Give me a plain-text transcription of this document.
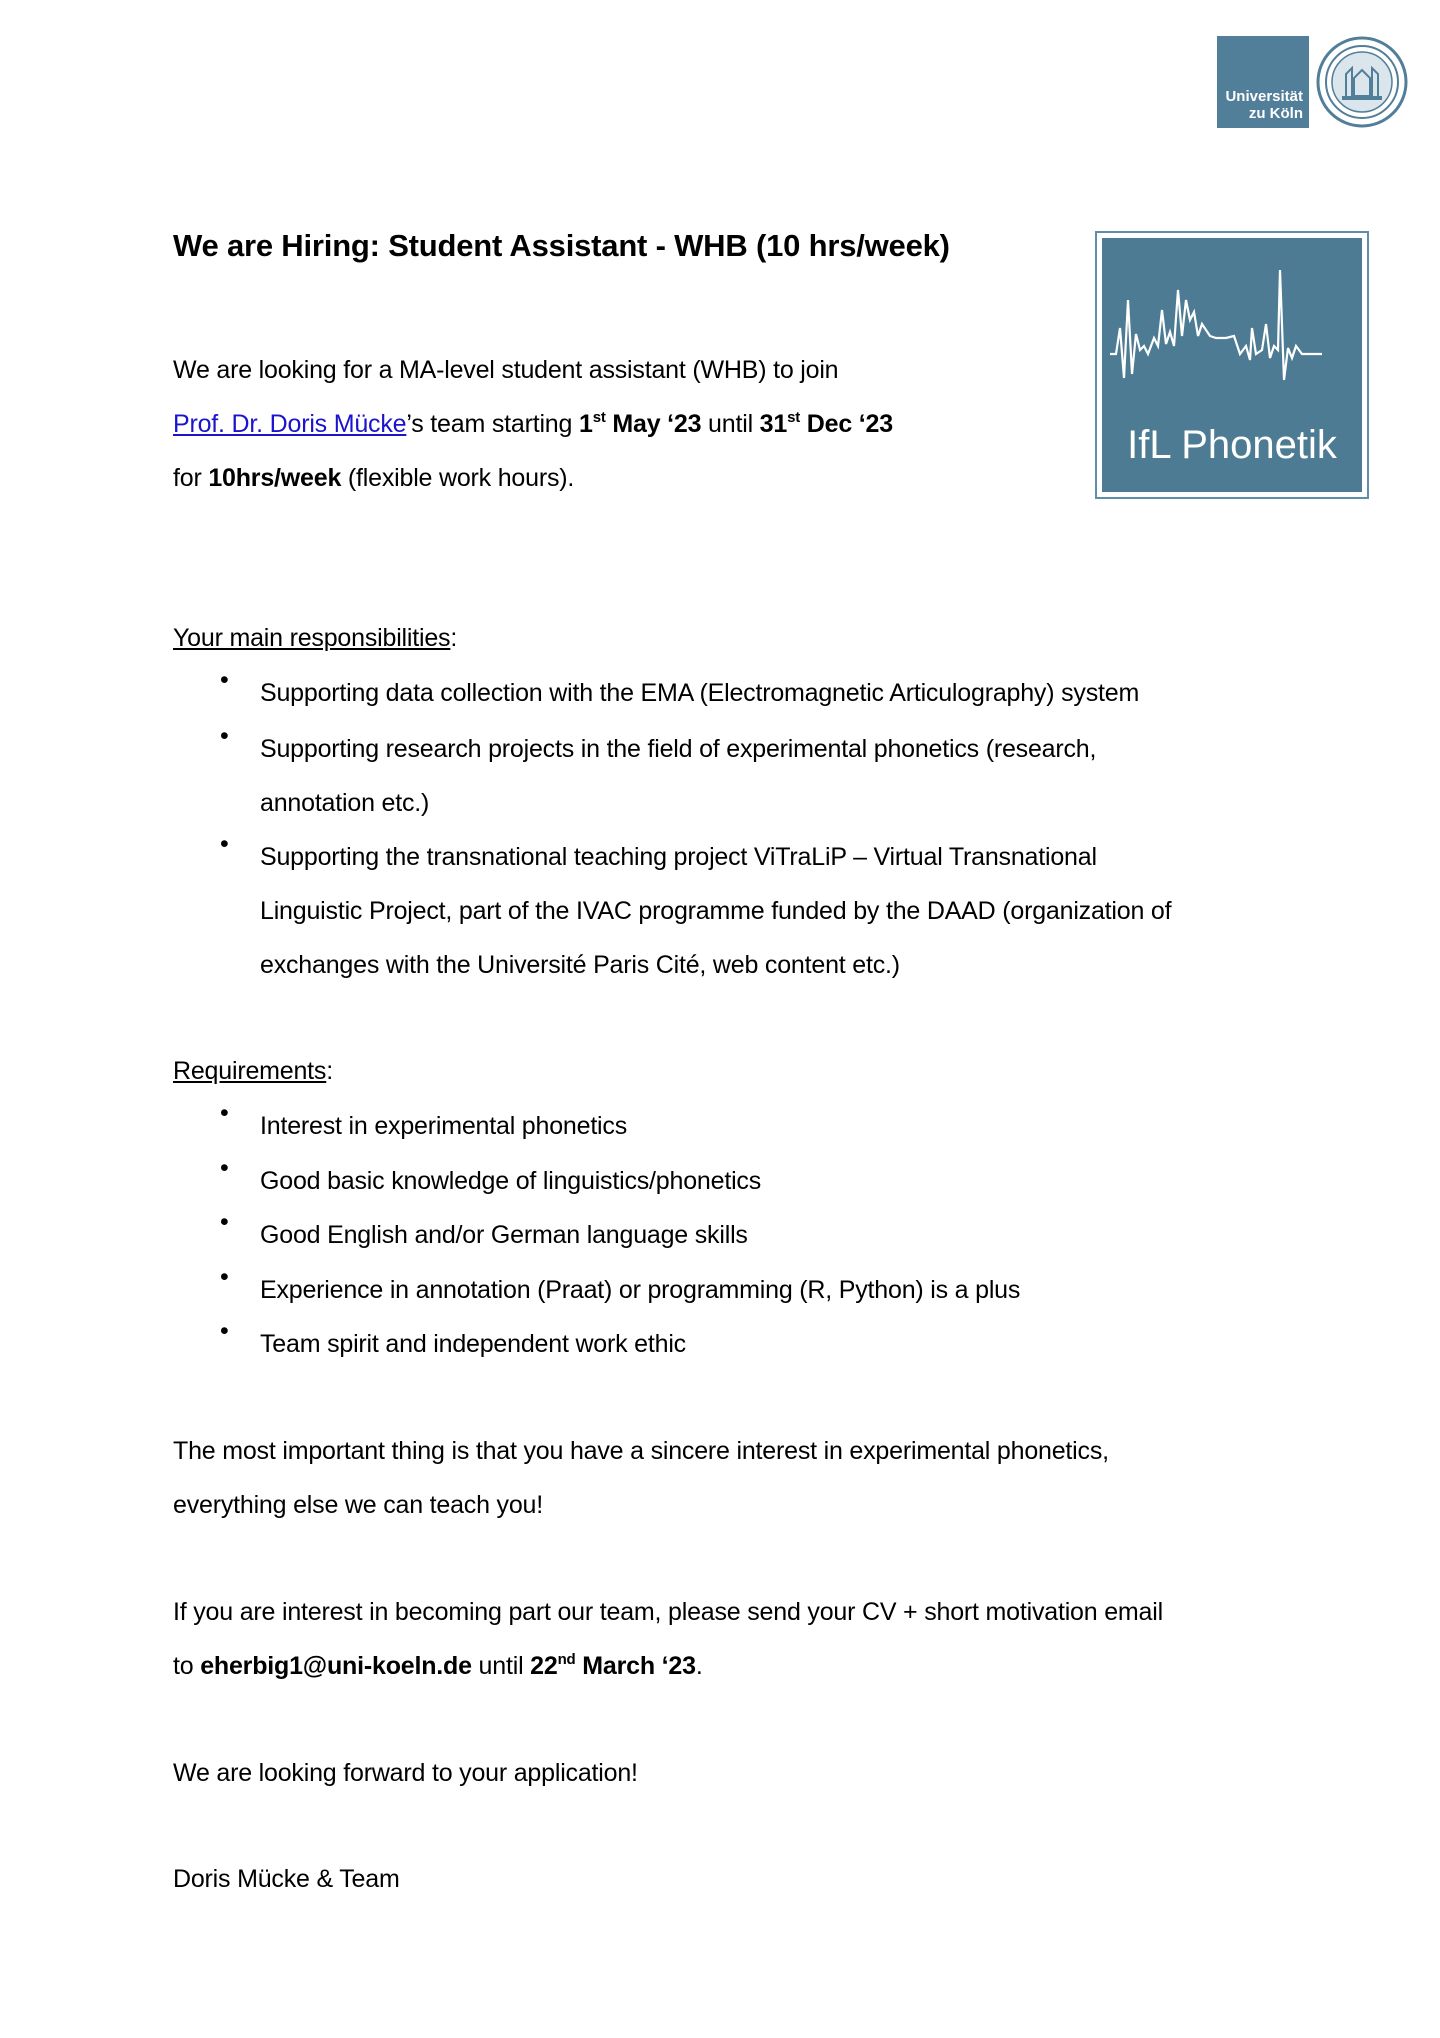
Universität
zu Köln
IfL Phonetik
We are Hiring: Student Assistant - WHB (10 hrs/week)
We are looking for a MA-level student assistant (WHB) to join
Prof. Dr. Doris Mücke’s team starting 1st May ‘23 until 31st Dec ‘23
for 10hrs/week (flexible work hours).
Your main responsibilities:
• Supporting data collection with the EMA (Electromagnetic Articulography) system
• Supporting research projects in the field of experimental phonetics (research,
annotation etc.)
• Supporting the transnational teaching project ViTraLiP – Virtual Transnational
Linguistic Project, part of the IVAC programme funded by the DAAD (organization of
exchanges with the Université Paris Cité, web content etc.)
Requirements:
• Interest in experimental phonetics
• Good basic knowledge of linguistics/phonetics
• Good English and/or German language skills
• Experience in annotation (Praat) or programming (R, Python) is a plus
• Team spirit and independent work ethic
The most important thing is that you have a sincere interest in experimental phonetics,
everything else we can teach you!
If you are interest in becoming part our team, please send your CV + short motivation email
to eherbig1@uni-koeln.de until 22nd March ‘23.
We are looking forward to your application!
Doris Mücke & Team
